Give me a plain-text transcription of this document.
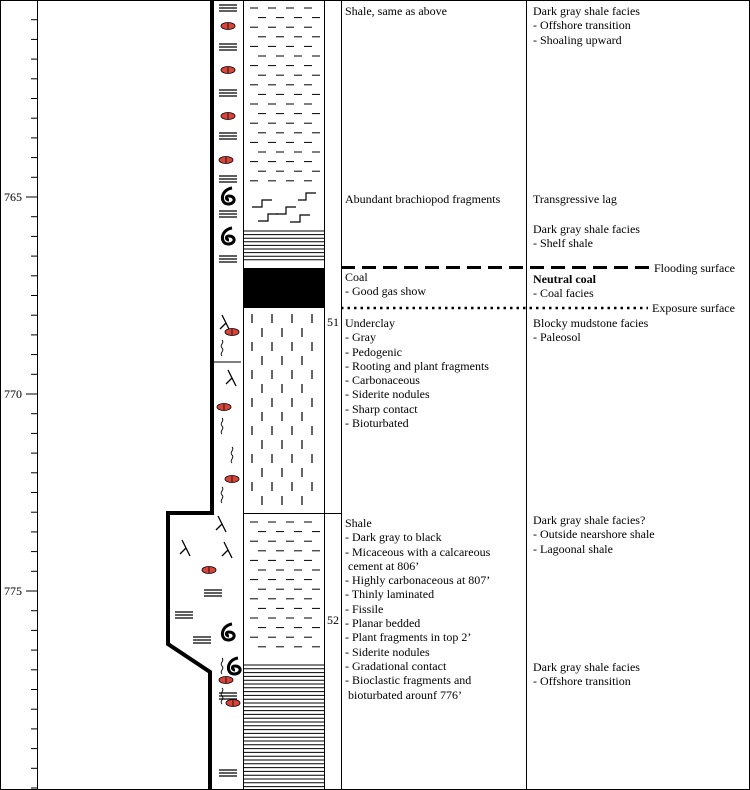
765
770
775
51
52
Flooding surface
Exposure surface
Shale, same as above
Abundant brachiopod fragments
Coal
- Good gas show
Underclay
- Gray
- Pedogenic
- Rooting and plant fragments
- Carbonaceous
- Siderite nodules
- Sharp contact
- Bioturbated
Shale
- Dark gray to black
- Micaceous with a calcareous
cement at 806’
- Highly carbonaceous at 807’
- Thinly laminated
- Fissile
- Planar bedded
- Plant fragments in top 2’
- Siderite nodules
- Gradational contact
- Bioclastic fragments and
bioturbated arounf 776’
Dark gray shale facies
- Offshore transition
- Shoaling upward
Transgressive lag
Dark gray shale facies
- Shelf shale
Neutral coal
- Coal facies
Blocky mudstone facies
- Paleosol
Dark gray shale facies?
- Outside nearshore shale
- Lagoonal shale
Dark gray shale facies
- Offshore transition
